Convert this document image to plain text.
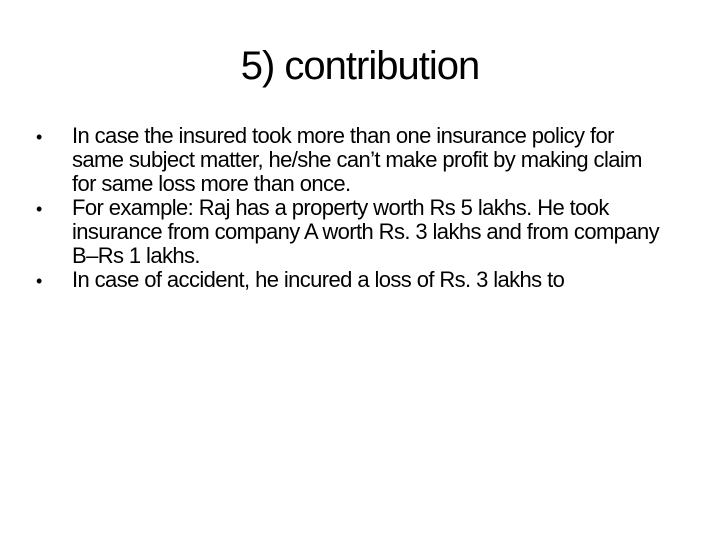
5) contribution
•	In case the insured took more than one insurance policy for same subject matter, he/she can’t make profit by making claim for same loss more than once.
•	For example: Raj has a property worth Rs 5 lakhs. He took insurance from company A worth Rs. 3 lakhs and from company B–Rs 1 lakhs.
•	In case of accident, he incured a loss of Rs. 3 lakhs to
